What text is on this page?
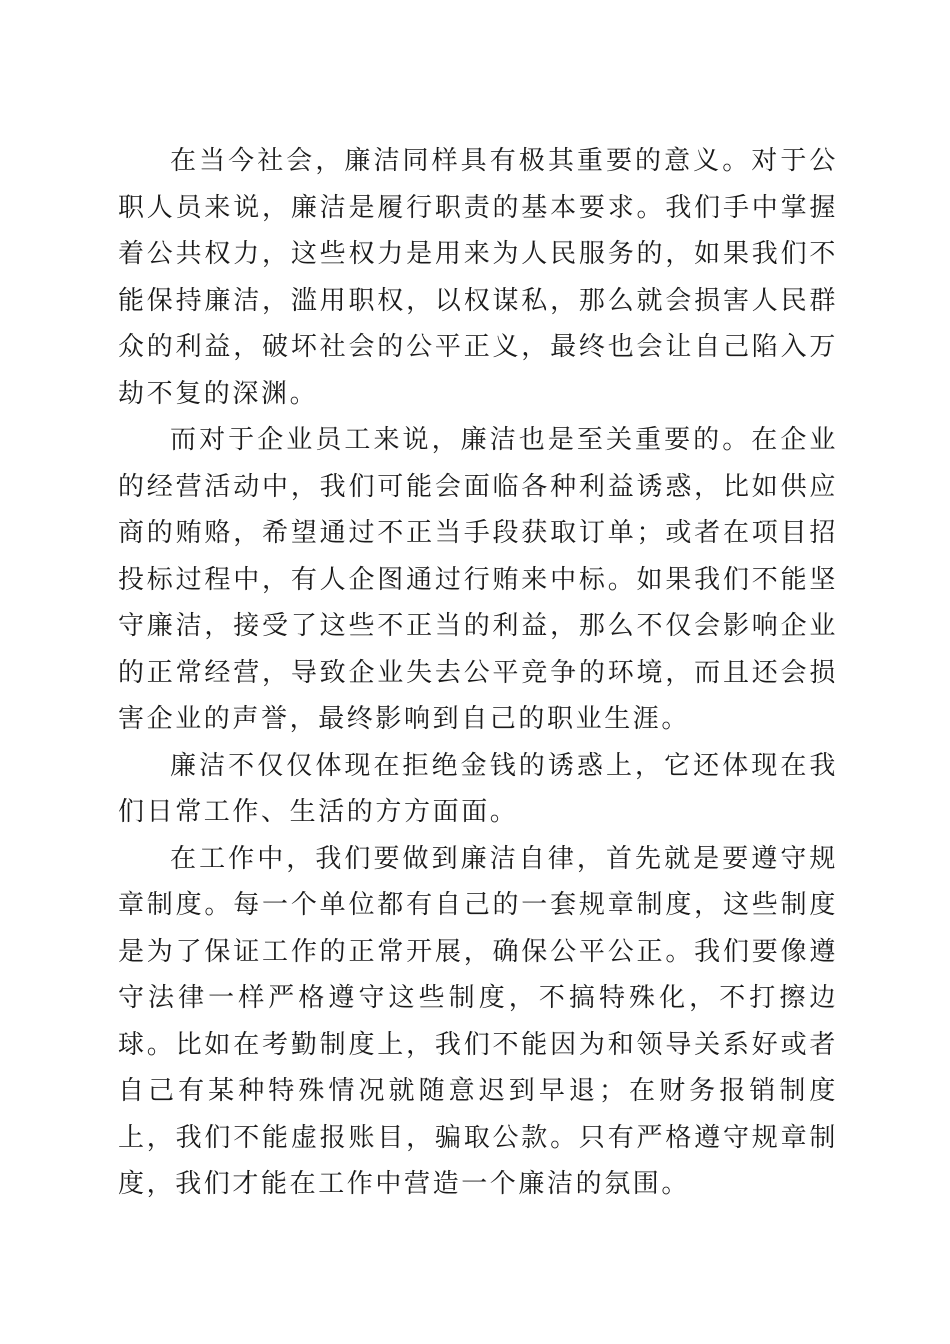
在当今社会，廉洁同样具有极其重要的意义。对于公职人员来说，廉洁是履行职责的基本要求。我们手中掌握着公共权力，这些权力是用来为人民服务的，如果我们不能保持廉洁，滥用职权，以权谋私，那么就会损害人民群众的利益，破坏社会的公平正义，最终也会让自己陷入万劫不复的深渊。

而对于企业员工来说，廉洁也是至关重要的。在企业的经营活动中，我们可能会面临各种利益诱惑，比如供应商的贿赂，希望通过不正当手段获取订单；或者在项目招投标过程中，有人企图通过行贿来中标。如果我们不能坚守廉洁，接受了这些不正当的利益，那么不仅会影响企业的正常经营，导致企业失去公平竞争的环境，而且还会损害企业的声誉，最终影响到自己的职业生涯。

廉洁不仅仅体现在拒绝金钱的诱惑上，它还体现在我们日常工作、生活的方方面面。

在工作中，我们要做到廉洁自律，首先就是要遵守规章制度。每一个单位都有自己的一套规章制度，这些制度是为了保证工作的正常开展，确保公平公正。我们要像遵守法律一样严格遵守这些制度，不搞特殊化，不打擦边球。比如在考勤制度上，我们不能因为和领导关系好或者自己有某种特殊情况就随意迟到早退；在财务报销制度上，我们不能虚报账目，骗取公款。只有严格遵守规章制度，我们才能在工作中营造一个廉洁的氛围。
